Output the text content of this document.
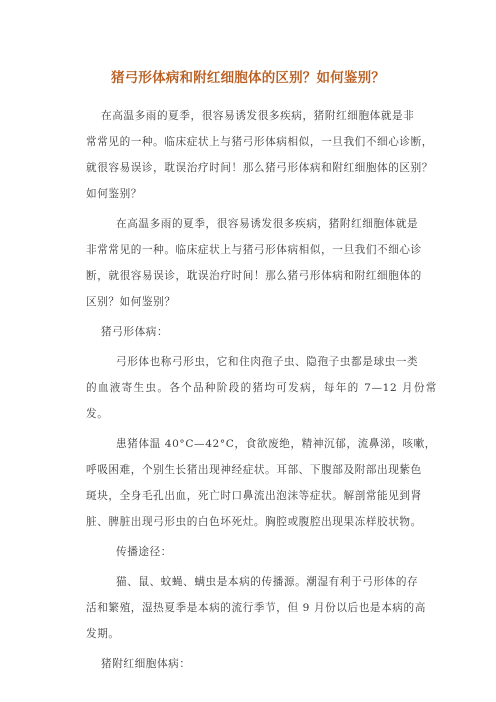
猪弓形体病和附红细胞体的区别？如何鉴别？
在高温多雨的夏季，很容易诱发很多疾病，猪附红细胞体就是非
常常见的一种。临床症状上与猪弓形体病相似，一旦我们不细心诊断，
就很容易误诊，耽误治疗时间！那么猪弓形体病和附红细胞体的区别？
如何鉴别？
在高温多雨的夏季，很容易诱发很多疾病，猪附红细胞体就是
非常常见的一种。临床症状上与猪弓形体病相似，一旦我们不细心诊
断，就很容易误诊，耽误治疗时间！那么猪弓形体病和附红细胞体的
区别？如何鉴别？
猪弓形体病：
弓形体也称弓形虫，它和住肉孢子虫、隐孢子虫都是球虫一类
的血液寄生虫。各个品种阶段的猪均可发病，每年的 7—12 月份常发。
患猪体温 40°C—42°C，食欲废绝，精神沉郁，流鼻涕，咳嗽，
呼吸困难，个别生长猪出现神经症状。耳部、下腹部及附部出现紫色
斑块，全身毛孔出血，死亡时口鼻流出泡沫等症状。解剖常能见到肾
脏、脾脏出现弓形虫的白色坏死灶。胸腔或腹腔出现果冻样胶状物。
传播途径：
猫、鼠、蚊蝇、螨虫是本病的传播源。潮湿有利于弓形体的存
活和繁殖，湿热夏季是本病的流行季节，但 9 月份以后也是本病的高
发期。
猪附红细胞体病：
